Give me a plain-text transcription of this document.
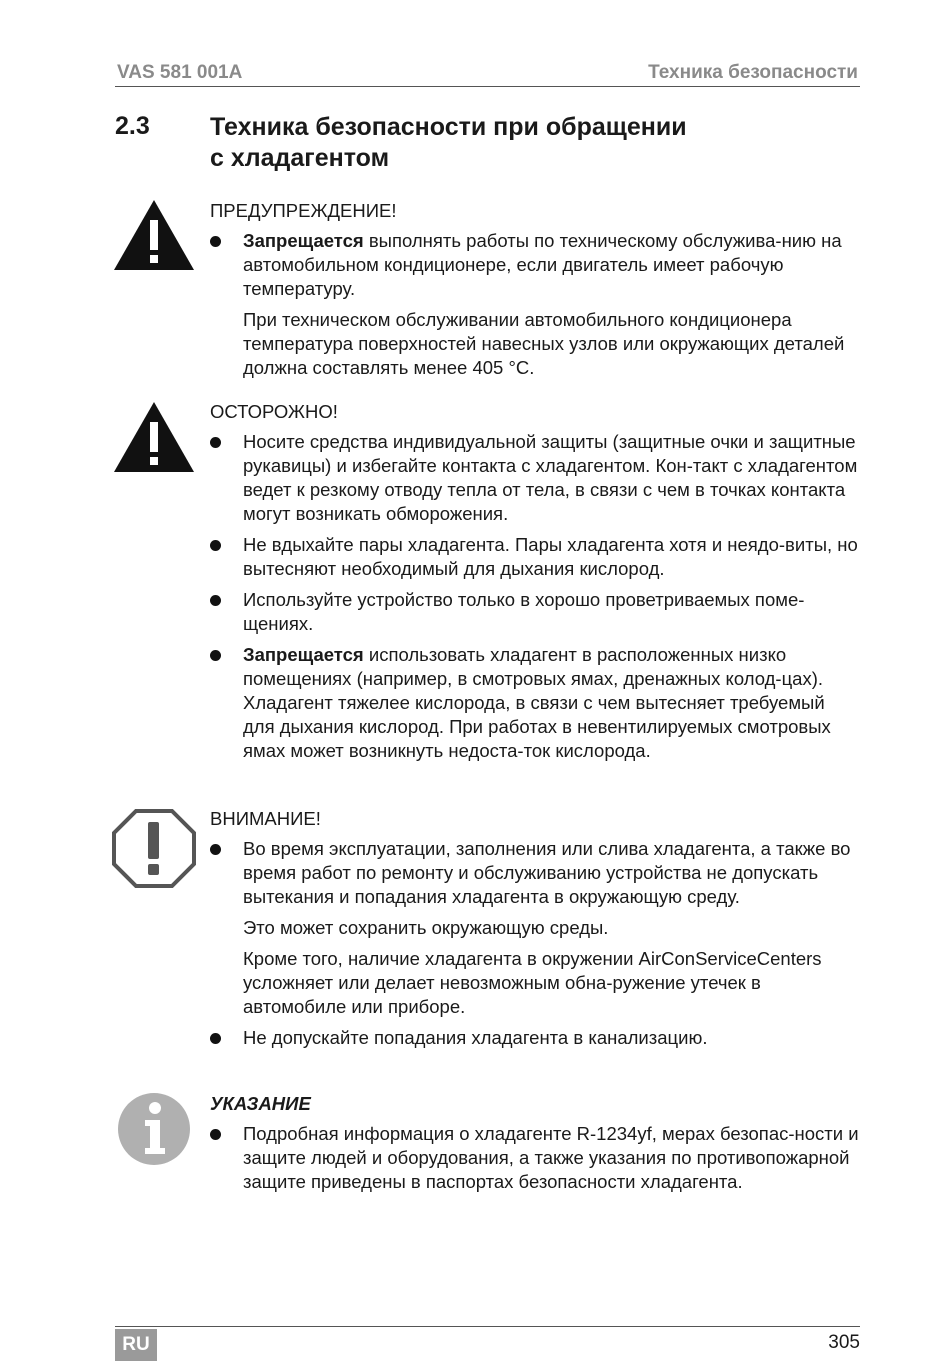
VAS 581 001A	Техника безопасности
2.3 Техника безопасности при обращении
с хладагентом
ПРЕДУПРЕЖДЕНИЕ!

Запрещается выполнять работы по техническому обслужива-нию на автомобильном кондиционере, если двигатель имеет рабочую температуру.

При техническом обслуживании автомобильного кондиционера температура поверхностей навесных узлов или окружающих деталей должна составлять менее 405 °C.

ОСТОРОЖНО!

Носите средства индивидуальной защиты (защитные очки и защитные рукавицы) и избегайте контакта с хладагентом. Кон-такт с хладагентом ведет к резкому отводу тепла от тела, в связи с чем в точках контакта могут возникать обморожения.

Не вдыхайте пары хладагента. Пары хладагента хотя и неядо-виты, но вытесняют необходимый для дыхания кислород.

Используйте устройство только в хорошо проветриваемых поме-щениях.

Запрещается использовать хладагент в расположенных низко помещениях (например, в смотровых ямах, дренажных колод-цах). Хладагент тяжелее кислорода, в связи с чем вытесняет требуемый для дыхания кислород. При работах в невентилируемых смотровых ямах может возникнуть недоста-ток кислорода.

ВНИМАНИЕ!

Во время эксплуатации, заполнения или слива хладагента, а также во время работ по ремонту и обслуживанию устройства не допускать вытекания и попадания хладагента в окружающую среду.

Это может сохранить окружающую среды.

Кроме того, наличие хладагента в окружении AirConServiceCenters усложняет или делает невозможным обна-ружение утечек в автомобиле или приборе.

Не допускайте попадания хладагента в канализацию.

УКАЗАНИЕ

Подробная информация о хладагенте R-1234yf, мерах безопас-ности и защите людей и оборудования, а также указания по противопожарной защите приведены в паспортах безопасности хладагента.

RU	305
